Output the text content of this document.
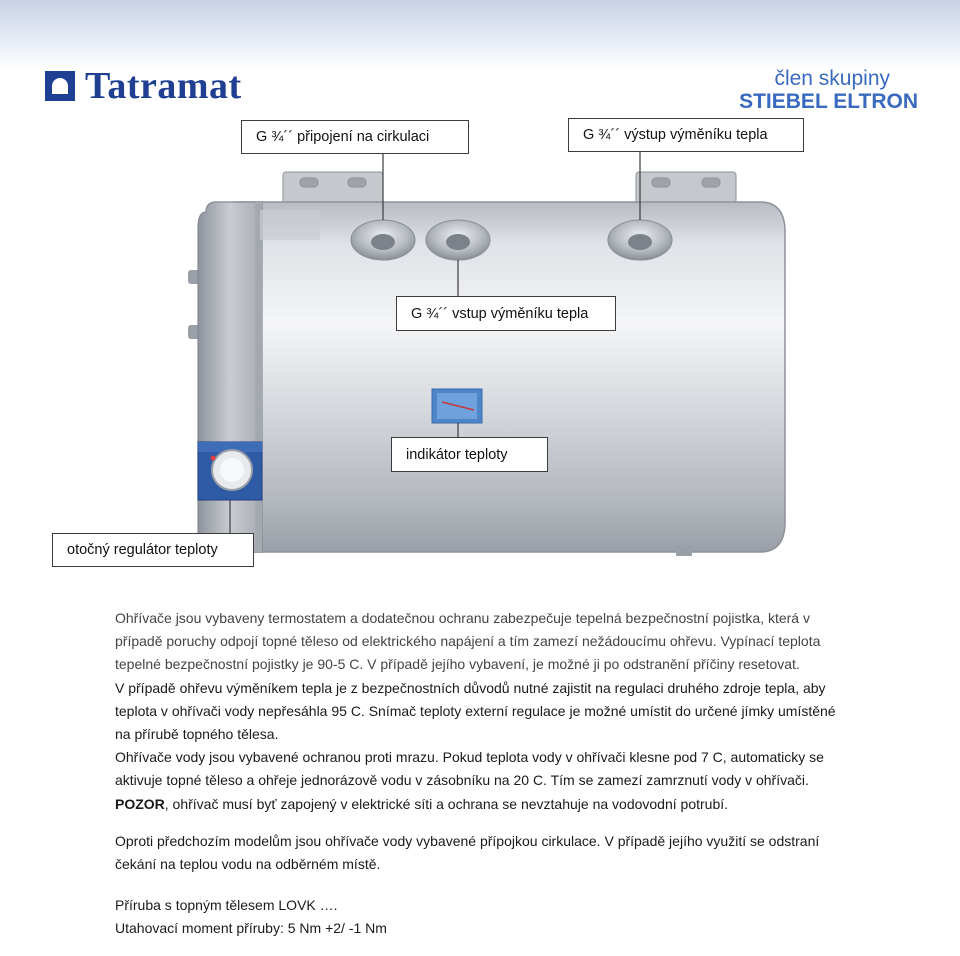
Tatramat	člen skupiny
STIEBEL ELTRON
G ¾´´ připojení na cirkulaci	G ¾´´ výstup výměníku tepla
G ¾´´ vstup výměníku tepla
indikátor teploty
otočný regulátor teploty

Ohřívače jsou vybaveny termostatem a dodatečnou ochranu zabezpečuje tepelná bezpečnostní pojistka, která v případě poruchy odpojí topné těleso od elektrického napájení a tím zamezí nežádoucímu ohřevu. Vypínací teplota tepelné bezpečnostní pojistky je 90-5 C. V případě jejího vybavení, je možné ji po odstranění příčiny resetovat.

V případě ohřevu výměníkem tepla je z bezpečnostních důvodů nutné zajistit na regulaci druhého zdroje tepla, aby teplota v ohřívači vody nepřesáhla 95 C. Snímač teploty externí regulace je možné umístit do určené jímky umístěné na přírubě topného tělesa.

Ohřívače vody jsou vybavené ochranou proti mrazu. Pokud teplota vody v ohřívači klesne pod 7 C, automaticky se aktivuje topné těleso a ohřeje jednorázově vodu v zásobníku na 20 C. Tím se zamezí zamrznutí vody v ohřívači. POZOR, ohřívač musí byť zapojený v elektrické síti a ochrana se nevztahuje na vodovodní potrubí.

Oproti předchozím modelům jsou ohřívače vody vybavené přípojkou cirkulace. V případě jejího využití se odstraní čekání na teplou vodu na odběrném místě.

Příruba s topným tělesem LOVK ….

Utahovací moment příruby: 5 Nm +2/ -1 Nm
